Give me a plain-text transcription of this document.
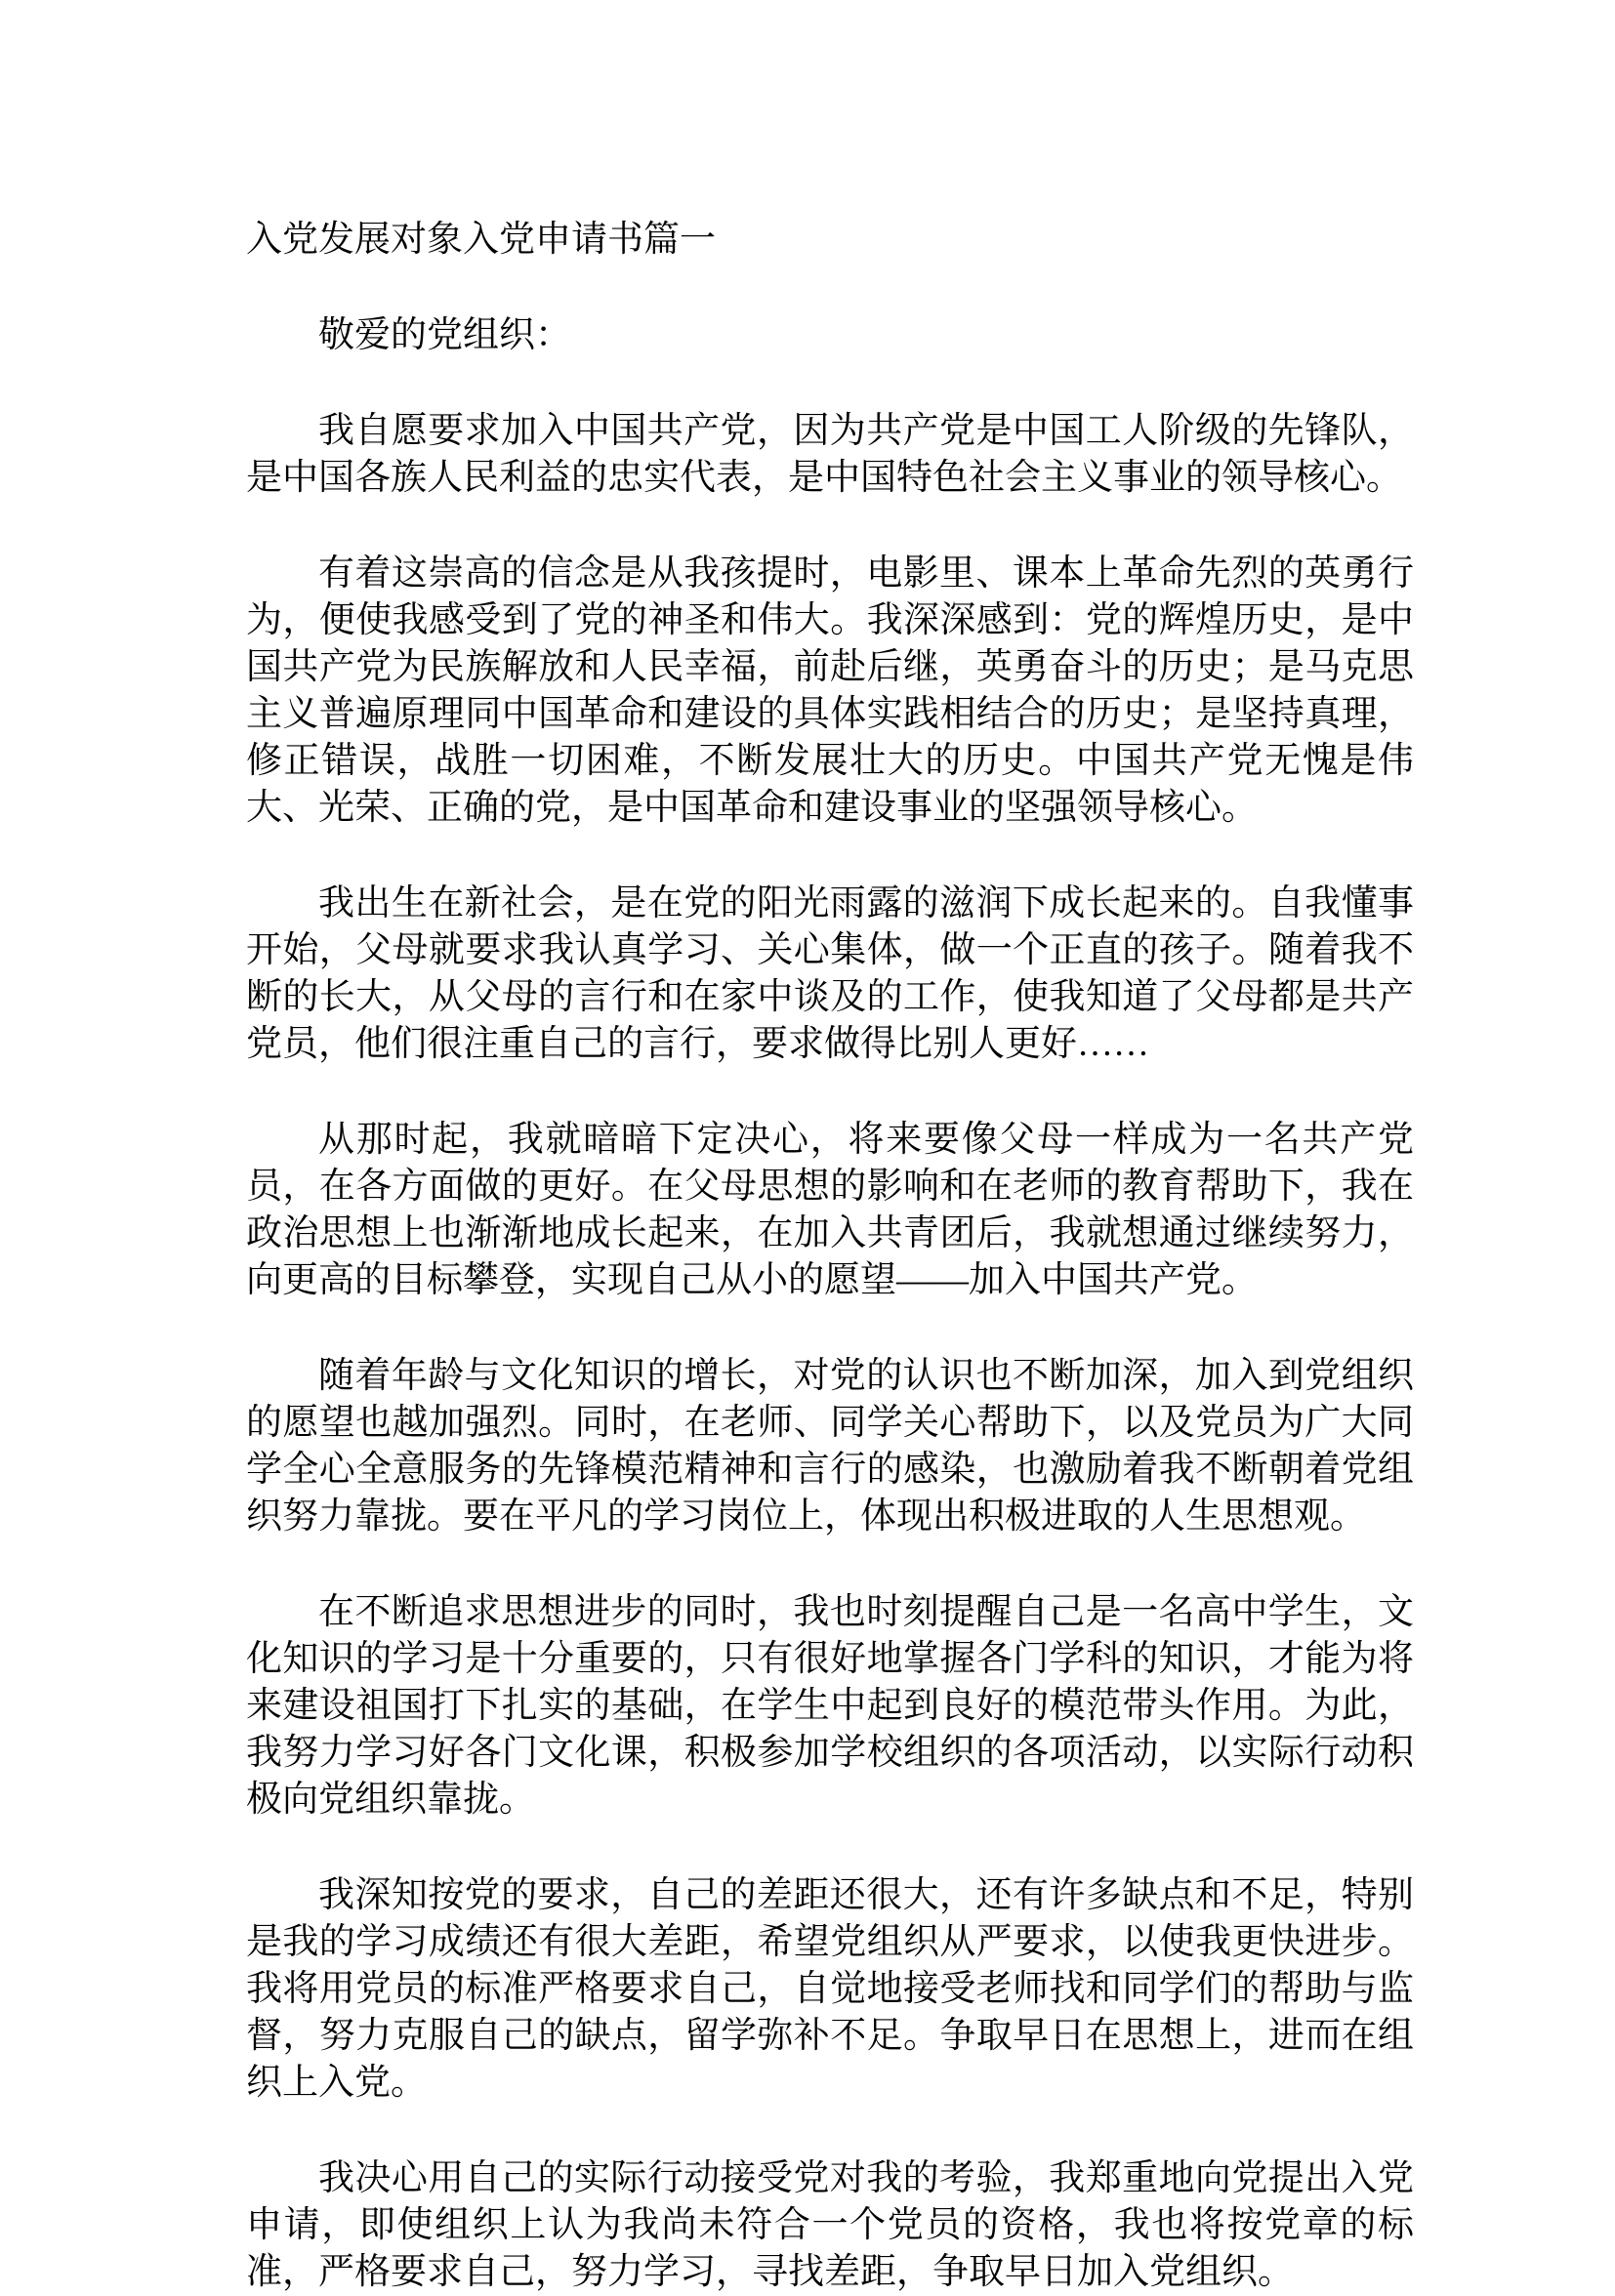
入党发展对象入党申请书篇一

敬爱的党组织：

我自愿要求加入中国共产党，因为共产党是中国工人阶级的先锋队，是中国各族人民利益的忠实代表，是中国特色社会主义事业的领导核心。

有着这崇高的信念是从我孩提时，电影里、课本上革命先烈的英勇行为，便使我感受到了党的神圣和伟大。我深深感到：党的辉煌历史，是中国共产党为民族解放和人民幸福，前赴后继，英勇奋斗的历史；是马克思主义普遍原理同中国革命和建设的具体实践相结合的历史；是坚持真理，修正错误，战胜一切困难，不断发展壮大的历史。中国共产党无愧是伟大、光荣、正确的党，是中国革命和建设事业的坚强领导核心。

我出生在新社会，是在党的阳光雨露的滋润下成长起来的。自我懂事开始，父母就要求我认真学习、关心集体，做一个正直的孩子。随着我不断的长大，从父母的言行和在家中谈及的工作，使我知道了父母都是共产党员，他们很注重自己的言行，要求做得比别人更好……

从那时起，我就暗暗下定决心，将来要像父母一样成为一名共产党员，在各方面做的更好。在父母思想的影响和在老师的教育帮助下，我在政治思想上也渐渐地成长起来，在加入共青团后，我就想通过继续努力，向更高的目标攀登，实现自己从小的愿望——加入中国共产党。

随着年龄与文化知识的增长，对党的认识也不断加深，加入到党组织的愿望也越加强烈。同时，在老师、同学关心帮助下，以及党员为广大同学全心全意服务的先锋模范精神和言行的感染，也激励着我不断朝着党组织努力靠拢。要在平凡的学习岗位上，体现出积极进取的人生思想观。

在不断追求思想进步的同时，我也时刻提醒自己是一名高中学生，文化知识的学习是十分重要的，只有很好地掌握各门学科的知识，才能为将来建设祖国打下扎实的基础，在学生中起到良好的模范带头作用。为此，我努力学习好各门文化课，积极参加学校组织的各项活动，以实际行动积极向党组织靠拢。

我深知按党的要求，自己的差距还很大，还有许多缺点和不足，特别是我的学习成绩还有很大差距，希望党组织从严要求，以使我更快进步。我将用党员的标准严格要求自己，自觉地接受老师找和同学们的帮助与监督，努力克服自己的缺点，留学弥补不足。争取早日在思想上，进而在组织上入党。

我决心用自己的实际行动接受党对我的考验，我郑重地向党提出入党申请，即使组织上认为我尚未符合一个党员的资格，我也将按党章的标准，严格要求自己，努力学习，寻找差距，争取早日加入党组织。
